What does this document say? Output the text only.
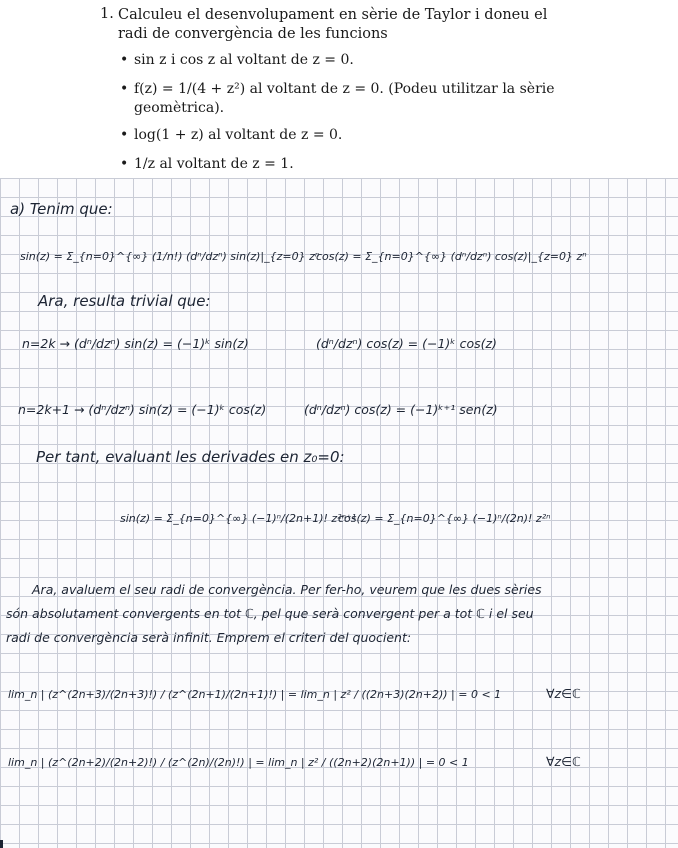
1. Calculeu el desenvolupament en sèrie de Taylor i doneu el radi de convergència de les funcions
• sin z i cos z al voltant de z = 0.
• f(z) = 1/(4 + z²) al voltant de z = 0. (Podeu utilitzar la sèrie geomètrica).
• log(1 + z) al voltant de z = 0.
• 1/z al voltant de z = 1.
a) Tenim que:
sin(z) = Σ_{n=0}^{∞} (1/n!) (dⁿ/dzⁿ) sin(z)|_{z=0} zⁿ
cos(z) = Σ_{n=0}^{∞} (dⁿ/dzⁿ) cos(z)|_{z=0} zⁿ
Ara, resulta trivial que:
n=2k → (dⁿ/dzⁿ) sin(z) = (−1)ᵏ sin(z)	(dⁿ/dzⁿ) cos(z) = (−1)ᵏ cos(z)
n=2k+1 → (dⁿ/dzⁿ) sin(z) = (−1)ᵏ cos(z)	(dⁿ/dzⁿ) cos(z) = (−1)ᵏ⁺¹ sen(z)
Per tant, evaluant les derivades en z₀=0:
sin(z) = Σ_{n=0}^{∞} (−1)ⁿ/(2n+1)! z²ⁿ⁺¹
cos(z) = Σ_{n=0}^{∞} (−1)ⁿ/(2n)! z²ⁿ
Ara, avaluem el seu radi de convergència. Per fer-ho, veurem que les dues sèries
són absolutament convergents en tot ℂ, pel que serà convergent per a tot ℂ i el seu
radi de convergència serà infinit. Emprem el criteri del quocient:
lim_n | (z^(2n+3)/(2n+3)!) / (z^(2n+1)/(2n+1)!) | = lim_n | z² / ((2n+3)(2n+2)) | = 0 < 1	∀z∈ℂ
lim_n | (z^(2n+2)/(2n+2)!) / (z^(2n)/(2n)!) | = lim_n | z² / ((2n+2)(2n+1)) | = 0 < 1	∀z∈ℂ
